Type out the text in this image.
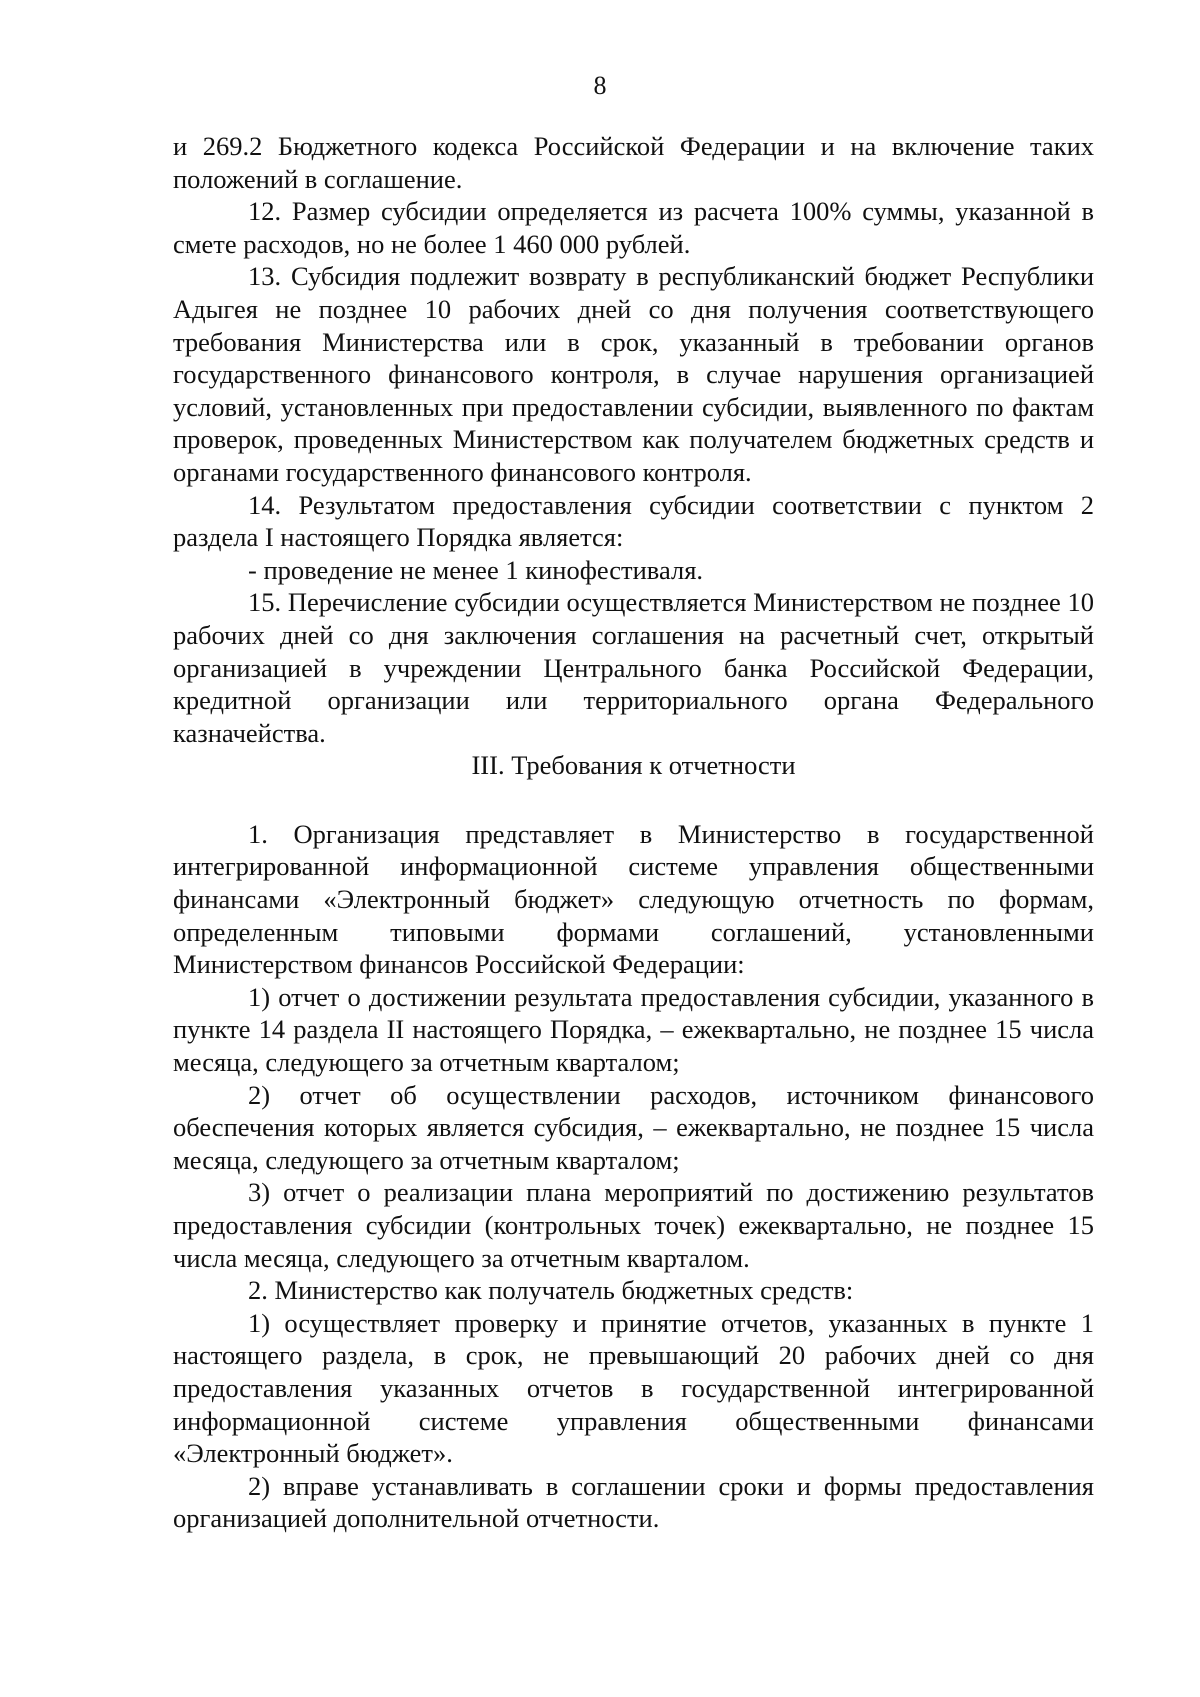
8

и 269.2 Бюджетного кодекса Российской Федерации и на включение таких положений в соглашение.

12. Размер субсидии определяется из расчета 100% суммы, указанной в смете расходов, но не более 1 460 000 рублей.

13. Субсидия подлежит возврату в республиканский бюджет Республики Адыгея не позднее 10 рабочих дней со дня получения соответствующего требования Министерства или в срок, указанный в требовании органов государственного финансового контроля, в случае нарушения организацией условий, установленных при предоставлении субсидии, выявленного по фактам проверок, проведенных Министерством как получателем бюджетных средств и органами государственного финансового контроля.

14. Результатом предоставления субсидии соответствии с пунктом 2 раздела I настоящего Порядка является:

- проведение не менее 1 кинофестиваля.

15. Перечисление субсидии осуществляется Министерством не позднее 10 рабочих дней со дня заключения соглашения на расчетный счет, открытый организацией в учреждении Центрального банка Российской Федерации, кредитной организации или территориального органа Федерального казначейства.

III. Требования к отчетности

1. Организация представляет в Министерство в государственной интегрированной информационной системе управления общественными финансами «Электронный бюджет» следующую отчетность по формам, определенным типовыми формами соглашений, установленными Министерством финансов Российской Федерации:

1) отчет о достижении результата предоставления субсидии, указанного в пункте 14 раздела II настоящего Порядка, – ежеквартально, не позднее 15 числа месяца, следующего за отчетным кварталом;

2) отчет об осуществлении расходов, источником финансового обеспечения которых является субсидия, – ежеквартально, не позднее 15 числа месяца, следующего за отчетным кварталом;

3) отчет о реализации плана мероприятий по достижению результатов предоставления субсидии (контрольных точек) ежеквартально, не позднее 15 числа месяца, следующего за отчетным кварталом.

2. Министерство как получатель бюджетных средств:

1) осуществляет проверку и принятие отчетов, указанных в пункте 1 настоящего раздела, в срок, не превышающий 20 рабочих дней со дня предоставления указанных отчетов в государственной интегрированной информационной системе управления общественными финансами «Электронный бюджет».

2) вправе устанавливать в соглашении сроки и формы предоставления организацией дополнительной отчетности.
